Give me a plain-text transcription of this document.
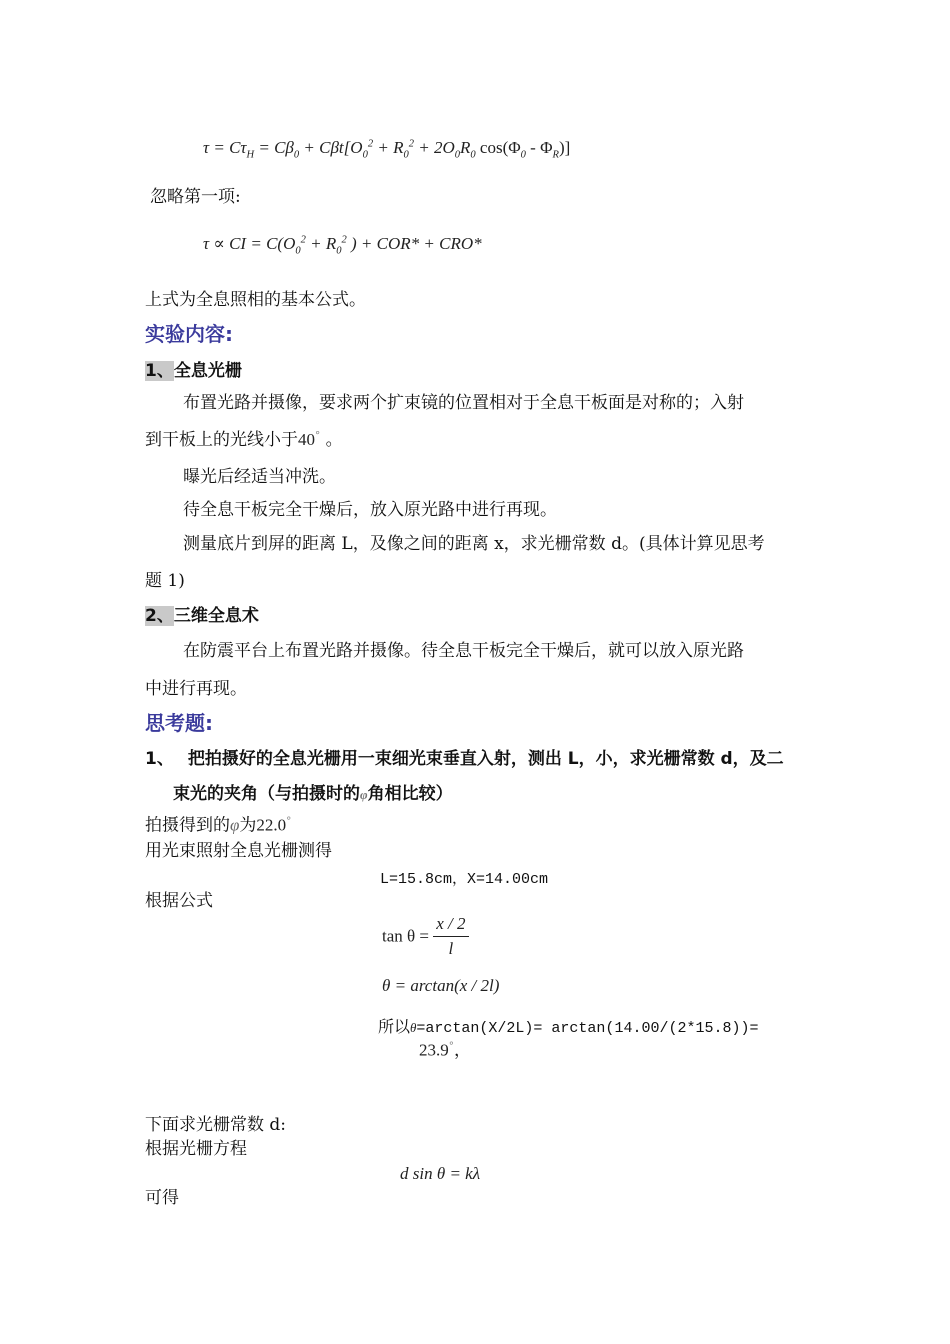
$\tau = C\tau_H = C\beta_0 + C\beta t[O_0^2 + R_0^2 + 2O_0R_0$ $\cos(\Phi_0 - \Phi_R)$]
忽略第一项:
τ ∝ CI = $C(O_0^2 + R_0^2$ ) + COR* + CRO*
上式为全息照相的基本公式。
实验内容:
1、全息光栅
布置光路并摄像，要求两个扩束镜的位置相对于全息干板面是对称的；入射
到干板上的光线小于40° 。
曝光后经适当冲洗。
待全息干板完全干燥后，放入原光路中进行再现。
测量底片到屏的距离 L，及像之间的距离 x，求光栅常数 d。(具体计算见思考
题 1)
2、三维全息术
在防震平台上布置光路并摄像。待全息干板完全干燥后，就可以放入原光路
中进行再现。
思考题:
1、 把拍摄好的全息光栅用一束细光束垂直入射，测出 L，小，求光栅常数 d，及二
束光的夹角（与拍摄时的φ角相比较）
拍摄得到的φ为22.0°
用光束照射全息光栅测得
L=15.8cm，X=14.00cm
根据公式
$\tan \theta = \frac{x / 2}{l}$
θ = arctan(x / 2l)
所以θ=arctan(X/2L)= arctan(14.00/(2*15.8))=
23.9°，
下面求光栅常数 d:
根据光栅方程
d sin θ = kλ
可得
